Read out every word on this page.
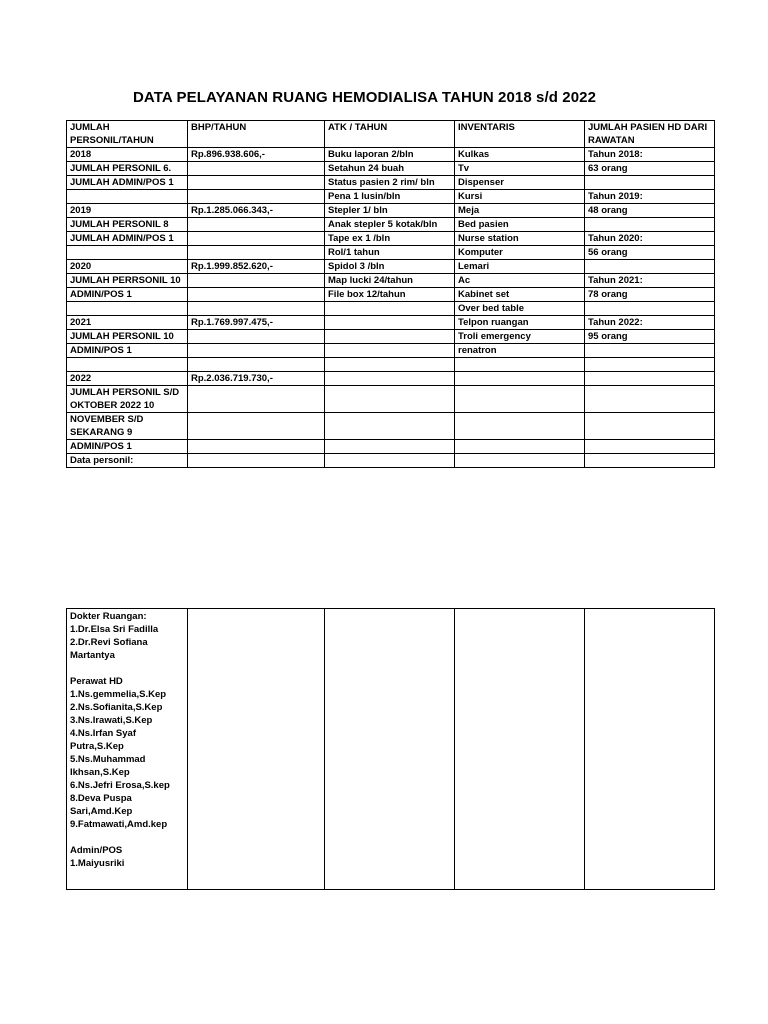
DATA PELAYANAN RUANG HEMODIALISA TAHUN 2018 s/d 2022
JUMLAH
PERSONIL/TAHUN	BHP/TAHUN	ATK / TAHUN	INVENTARIS	JUMLAH PASIEN HD DARI
RAWATAN

2018	Rp.896.938.606,-	Buku laporan 2/bln	Kulkas	Tahun 2018:

JUMLAH PERSONIL 6.		Setahun 24 buah	Tv	63 orang

JUMLAH ADMIN/POS 1		Status pasien 2 rim/ bln	Dispenser	

		Pena 1 lusin/bln	Kursi	Tahun 2019:

2019	Rp.1.285.066.343,-	Stepler 1/ bln	Meja	48 orang

JUMLAH PERSONIL 8		Anak stepler 5 kotak/bln	Bed pasien	

JUMLAH ADMIN/POS 1		Tape ex 1 /bln	Nurse station	Tahun 2020:

		Rol/1 tahun	Komputer	56 orang

2020	Rp.1.999.852.620,-	Spidol 3 /bln	Lemari	

JUMLAH PERRSONIL 10		Map lucki 24/tahun	Ac	Tahun 2021:

ADMIN/POS 1		File box 12/tahun	Kabinet set	78 orang

			Over bed table	

2021	Rp.1.769.997.475,-		Telpon ruangan	Tahun 2022:

JUMLAH PERSONIL 10			Troli emergency	95 orang

ADMIN/POS 1			renatron	

2022	Rp.2.036.719.730,-			

JUMLAH PERSONIL S/D
OKTOBER 2022 10				

NOVEMBER S/D
SEKARANG 9				

ADMIN/POS 1				

Data personil:				

Dokter Ruangan:
1.Dr.Elsa Sri Fadilla
2.Dr.Revi Sofiana
Martantya

Perawat HD
1.Ns.gemmelia,S.Kep
2.Ns.Sofianita,S.Kep
3.Ns.Irawati,S.Kep
4.Ns.Irfan Syaf
Putra,S.Kep
5.Ns.Muhammad
Ikhsan,S.Kep
6.Ns.Jefri Erosa,S.kep
8.Deva Puspa
Sari,Amd.Kep
9.Fatmawati,Amd.kep

Admin/POS
1.Maiyusriki
